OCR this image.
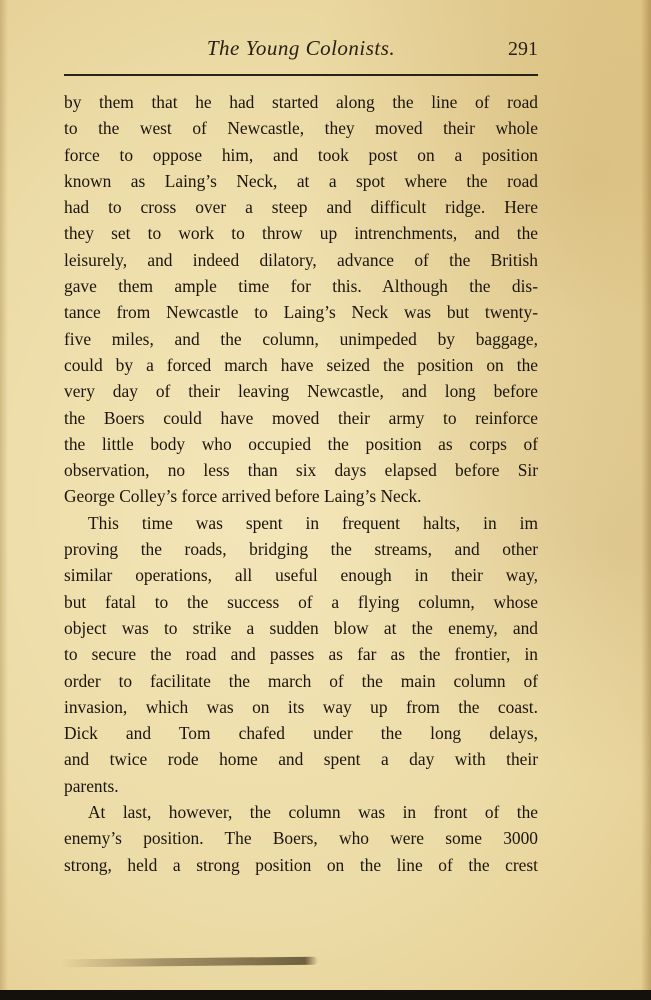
The Young Colonists.	291
by them that he had started along the line of road
to the west of Newcastle, they moved their whole
force to oppose him, and took post on a position
known as Laing’s Neck, at a spot where the road
had to cross over a steep and difficult ridge. Here
they set to work to throw up intrenchments, and the
leisurely, and indeed dilatory, advance of the British
gave them ample time for this. Although the dis-
tance from Newcastle to Laing’s Neck was but twenty-
five miles, and the column, unimpeded by baggage,
could by a forced march have seized the position on the
very day of their leaving Newcastle, and long before
the Boers could have moved their army to reinforce
the little body who occupied the position as corps of
observation, no less than six days elapsed before Sir
George Colley’s force arrived before Laing’s Neck.
This time was spent in frequent halts, in im
proving the roads, bridging the streams, and other
similar operations, all useful enough in their way,
but fatal to the success of a flying column, whose
object was to strike a sudden blow at the enemy, and
to secure the road and passes as far as the frontier, in
order to facilitate the march of the main column of
invasion, which was on its way up from the coast.
Dick and Tom chafed under the long delays,
and twice rode home and spent a day with their
parents.
At last, however, the column was in front of the
enemy’s position. The Boers, who were some 3000
strong, held a strong position on the line of the crest
